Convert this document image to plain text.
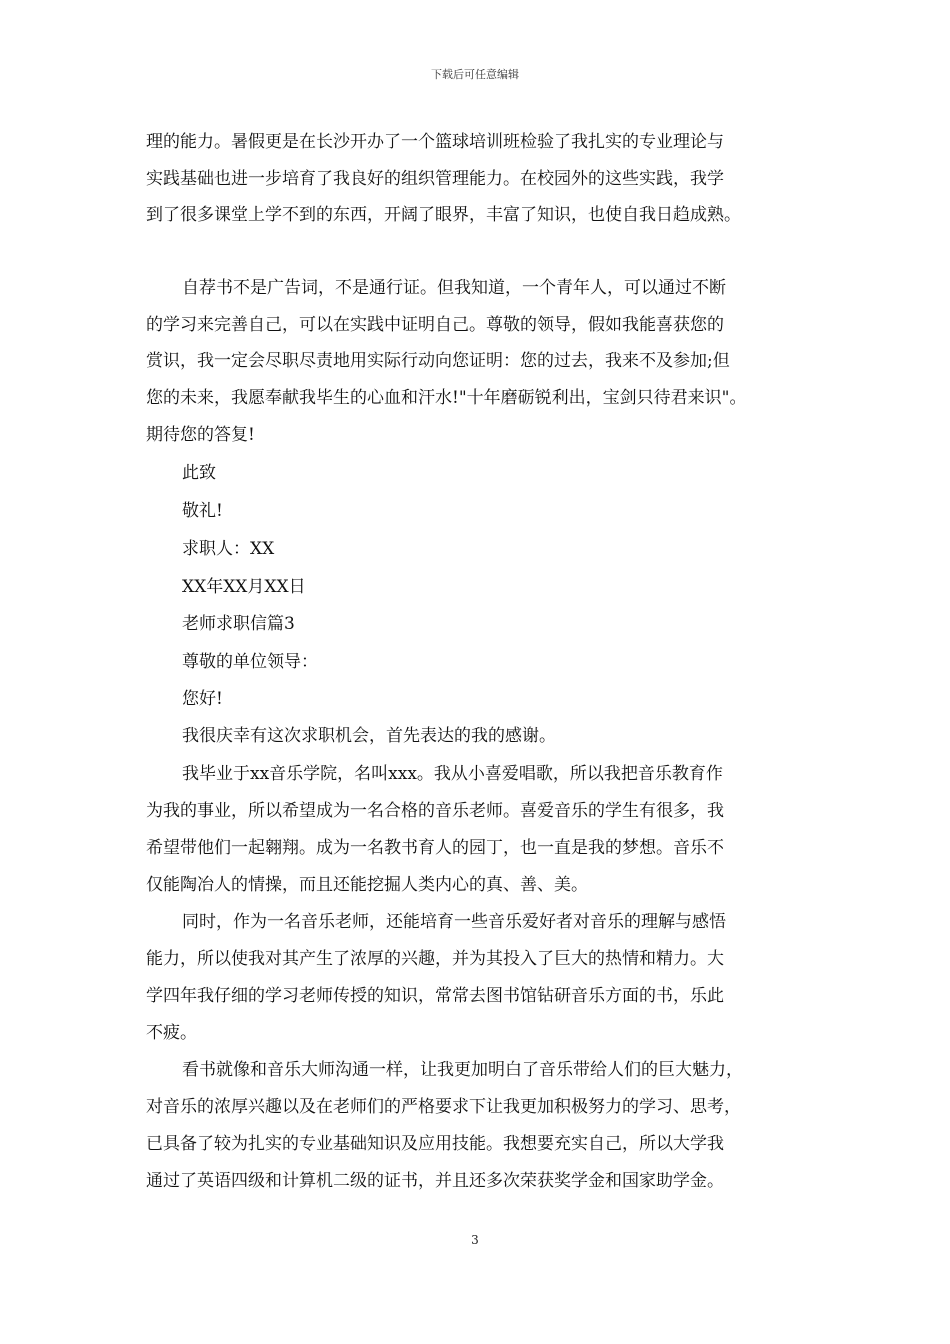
下载后可任意编辑
理的能力。暑假更是在长沙开办了一个篮球培训班检验了我扎实的专业理论与
实践基础也进一步培育了我良好的组织管理能力。在校园外的这些实践，我学
到了很多课堂上学不到的东西，开阔了眼界，丰富了知识，也使自我日趋成熟。
自荐书不是广告词，不是通行证。但我知道，一个青年人，可以通过不断
的学习来完善自己，可以在实践中证明自己。尊敬的领导，假如我能喜获您的
赏识，我一定会尽职尽责地用实际行动向您证明：您的过去，我来不及参加;但
您的未来，我愿奉献我毕生的心血和汗水!"十年磨砺锐利出，宝剑只待君来识"。
期待您的答复!
此致
敬礼!
求职人：XX
XX年XX月XX日
老师求职信篇3
尊敬的单位领导：
您好!
我很庆幸有这次求职机会，首先表达的我的感谢。
我毕业于xx音乐学院，名叫xxx。我从小喜爱唱歌，所以我把音乐教育作
为我的事业，所以希望成为一名合格的音乐老师。喜爱音乐的学生有很多，我
希望带他们一起翱翔。成为一名教书育人的园丁，也一直是我的梦想。音乐不
仅能陶冶人的情操，而且还能挖掘人类内心的真、善、美。
同时，作为一名音乐老师，还能培育一些音乐爱好者对音乐的理解与感悟
能力，所以使我对其产生了浓厚的兴趣，并为其投入了巨大的热情和精力。大
学四年我仔细的学习老师传授的知识，常常去图书馆钻研音乐方面的书，乐此
不疲。
看书就像和音乐大师沟通一样，让我更加明白了音乐带给人们的巨大魅力，
对音乐的浓厚兴趣以及在老师们的严格要求下让我更加积极努力的学习、思考，
已具备了较为扎实的专业基础知识及应用技能。我想要充实自己，所以大学我
通过了英语四级和计算机二级的证书，并且还多次荣获奖学金和国家助学金。
3
